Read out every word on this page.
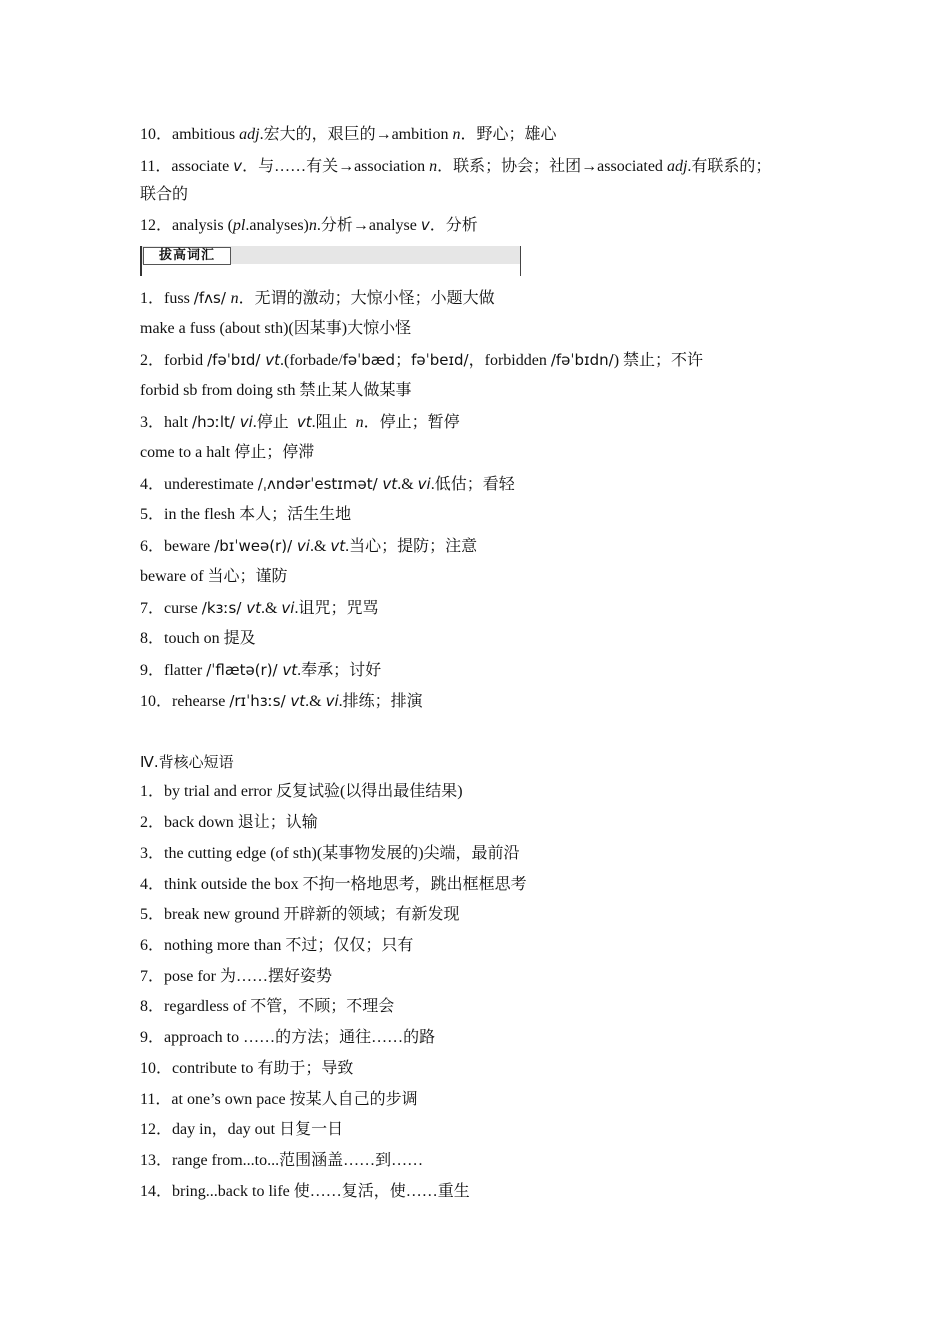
10．ambitious adj.宏大的，艰巨的→ambition n．野心；雄心
11．associate v．与……有关→association n．联系；协会；社团→associated adj.有联系的；
联合的
12．analysis (pl.analyses)n.分析→analyse v．分析
拔高词汇
1．fuss /fʌs/ n．无谓的激动；大惊小怪；小题大做
make a fuss (about sth)(因某事)大惊小怪
2．forbid /fəˈbɪd/ vt.(forbade/fəˈbæd；fəˈbeɪd/，forbidden /fəˈbɪdn/) 禁止；不许
forbid sb from doing sth 禁止某人做某事
3．halt /hɔːlt/ vi.停止  vt.阻止  n．停止；暂停
come to a halt 停止；停滞
4．underestimate /ˌʌndərˈestɪmət/ vt.& vi.低估；看轻
5．in the flesh 本人；活生生地
6．beware /bɪˈweə(r)/ vi.& vt.当心；提防；注意
beware of 当心；谨防
7．curse /kɜːs/ vt.& vi.诅咒；咒骂
8．touch on 提及
9．flatter /ˈflætə(r)/ vt.奉承；讨好
10．rehearse /rɪˈhɜːs/ vt.& vi.排练；排演
Ⅳ.背核心短语
1．by trial and error 反复试验(以得出最佳结果)
2．back down 退让；认输
3．the cutting edge (of sth)(某事物发展的)尖端，最前沿
4．think outside the box 不拘一格地思考，跳出框框思考
5．break new ground 开辟新的领域；有新发现
6．nothing more than 不过；仅仅；只有
7．pose for 为……摆好姿势
8．regardless of 不管，不顾；不理会
9．approach to ……的方法；通往……的路
10．contribute to 有助于；导致
11．at one’s own pace 按某人自己的步调
12．day in，day out 日复一日
13．range from...to...范围涵盖……到……
14．bring...back to life 使……复活，使……重生
